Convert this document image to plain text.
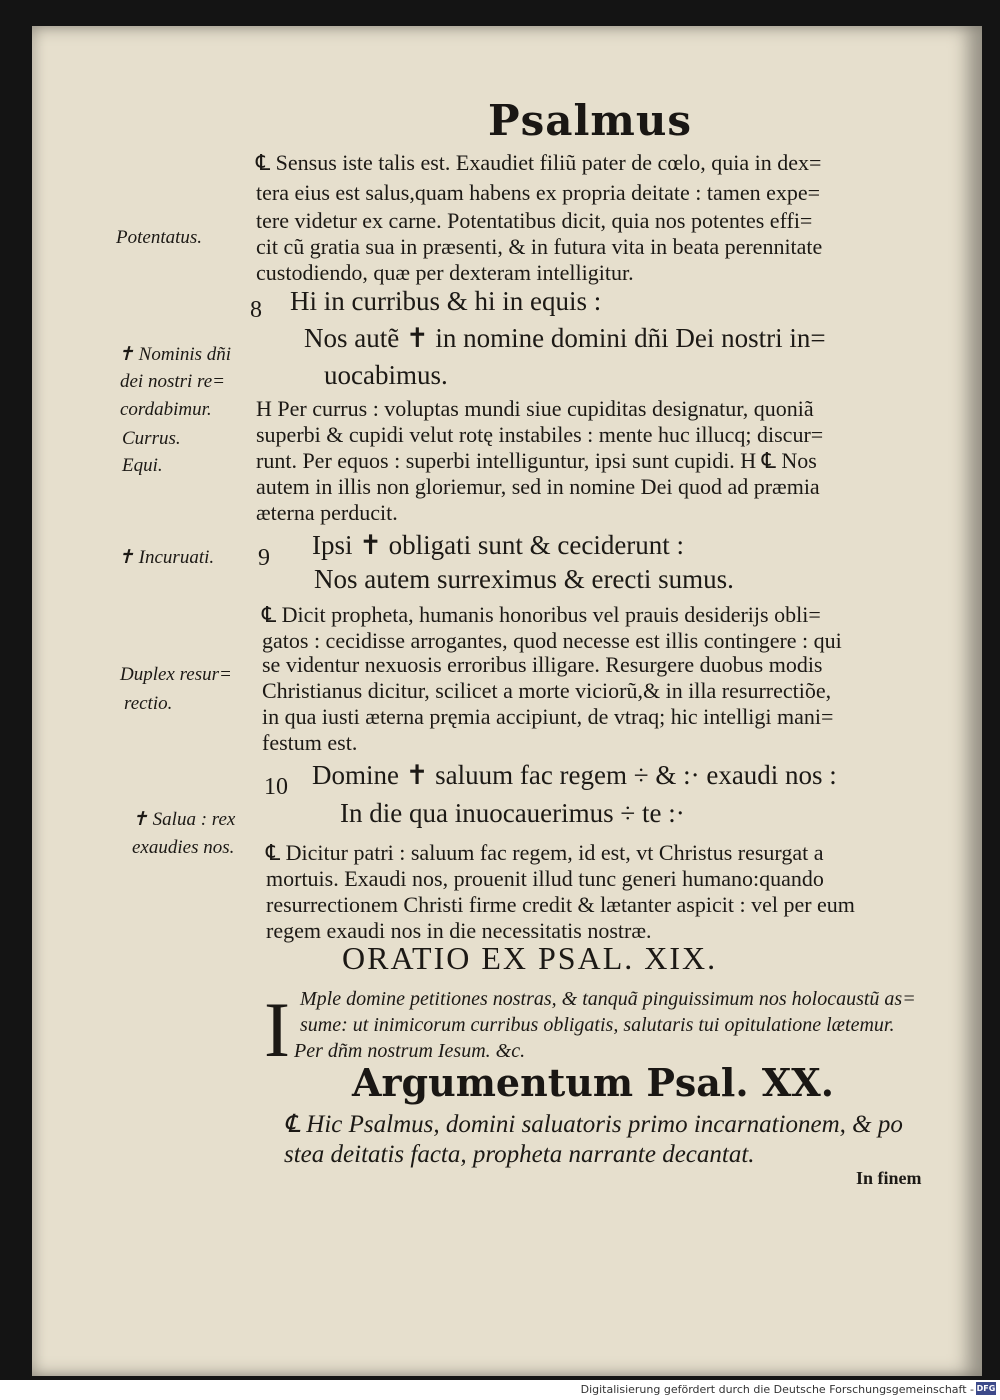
Psalmus
Potentatus.
✝ Nominis dñi
dei nostri re=
cordabimur.
Currus.
Equi.
✝ Incuruati.
Duplex resur=
rectio.
✝ Salua : rex
exaudies nos.
8
9
10
℄ Sensus iste talis est. Exaudiet filiũ pater de cœlo, quia in dex=
tera eius est salus,quam habens ex propria deitate : tamen expe=
tere videtur ex carne. Potentatibus dicit, quia nos potentes effi=
cit cũ gratia sua in præsenti, & in futura vita in beata perennitate
custodiendo, quæ per dexteram intelligitur.
Hi in curribus & hi in equis :
Nos autẽ ✝ in nomine domini dñi Dei nostri in=
uocabimus.
H Per currus : voluptas mundi siue cupiditas designatur, quoniã
superbi & cupidi velut rotę instabiles : mente huc illucq; discur=
runt. Per equos : superbi intelliguntur, ipsi sunt cupidi. H ℄ Nos
autem in illis non gloriemur, sed in nomine Dei quod ad præmia
æterna perducit.
Ipsi ✝ obligati sunt & ceciderunt :
Nos autem surreximus & erecti sumus.
℄ Dicit propheta, humanis honoribus vel prauis desiderijs obli=
gatos : cecidisse arrogantes, quod necesse est illis contingere : qui
se videntur nexuosis erroribus illigare. Resurgere duobus modis
Christianus dicitur, scilicet a morte viciorũ,& in illa resurrectiõe,
in qua iusti æterna pręmia accipiunt, de vtraq; hic intelligi mani=
festum est.
Domine ✝ saluum fac regem ÷ & :· exaudi nos :
In die qua inuocauerimus ÷ te :·
℄ Dicitur patri : saluum fac regem, id est, vt Christus resurgat a
mortuis. Exaudi nos, prouenit illud tunc generi humano:quando
resurrectionem Christi firme credit & lætanter aspicit : vel per eum
regem exaudi nos in die necessitatis nostræ.
ORATIO EX PSAL. XIX.
I Mple domine petitiones nostras, & tanquã pinguissimum nos holocaustũ as=
sume: ut inimicorum curribus obligatis, salutaris tui opitulatione lætemur.
Per dñm nostrum Iesum. &c.
Argumentum Psal. XX.
℄ Hic Psalmus, domini saluatoris primo incarnationem, & po
stea deitatis facta, propheta narrante decantat.
In finem
Digitalisierung gefördert durch die Deutsche Forschungsgemeinschaft - DFG
